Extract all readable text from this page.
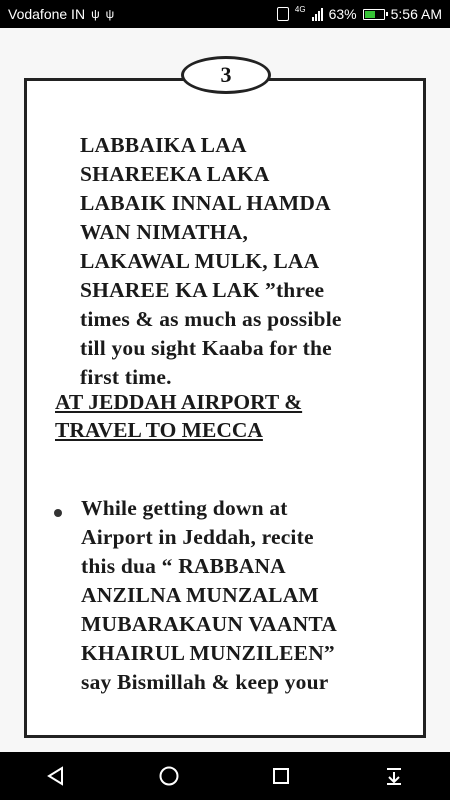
Vodafone IN ψ ψ	4G 63% 5:56 AM
3
LABBAIKA LAA
SHAREEKA LAKA
LABAIK INNAL HAMDA
WAN NIMATHA,
LAKAWAL MULK, LAA
SHAREE KA LAK ”three
times & as much as possible
till you sight Kaaba for the
first time.
AT JEDDAH AIRPORT &
TRAVEL TO MECCA
While getting down at
Airport in Jeddah, recite
this dua “ RABBANA
ANZILNA MUNZALAM
MUBARAKAUN VAANTA
KHAIRUL MUNZILEEN”
say Bismillah & keep your
